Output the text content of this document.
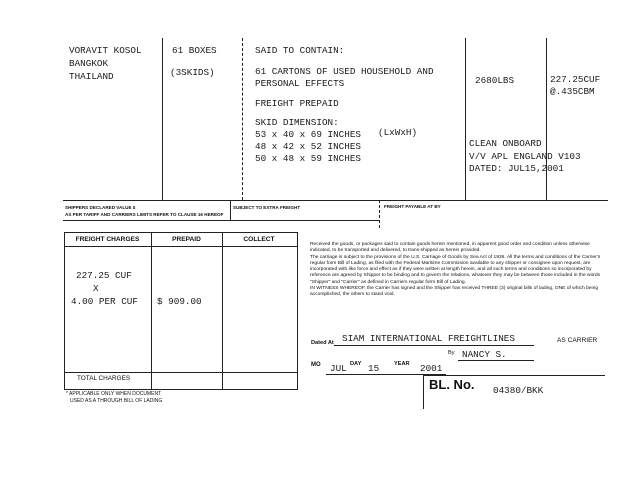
VORAVIT KOSOL
BANGKOK
THAILAND
61 BOXES
(3SKIDS)
SAID TO CONTAIN:
61 CARTONS OF USED HOUSEHOLD AND
PERSONAL EFFECTS
FREIGHT PREPAID
SKID DIMENSION:
53 x 40 x 69 INCHES (LxWxH)
48 x 42 x 52 INCHES
50 x 48 x 59 INCHES
2680LBS	227.25CUF
@.435CBM
CLEAN ONBOARD
V/V APL ENGLAND V103
DATED: JUL15,2001
SHIPPERS DECLARED VALUE $
AS PER TARIFF AND CARRIERS LIMITS REFER TO CLAUSE 16 HEREOF
SUBJECT TO EXTRA FREIGHT	FREIGHT PAYABLE AT BY
FREIGHT CHARGES	PREPAID	COLLECT
227.25 CUF
X
4.00 PER CUF $ 909.00
TOTAL CHARGES
* APPLICABLE ONLY WHEN DOCUMENT
USED AS A THROUGH BILL OF LADING

Received the goods, or packages said to contain goods herein mentioned, in apparent good order and condition unless otherwise indicated, to be transported and delivered, to trans-shipped as herein provided.

The carriage is subject to the provisions of the U.S. Carriage of Goods by Sea Act of 1936. All the terms and conditions of the Carrier's regular form Bill of Lading, as filed with the Federal Maritime Commission available to any shipper or consignee upon request, are incorporated with like force and effect as if they were written at length herein, and all such terms and conditions so incorporated by reference are agreed by Shipper to be binding and to govern the relations, whatever they may be between those included in the words "Shipper" and "Carrier" as defined in Carriers regular form Bill of Lading.

IN WITNESS WHEREOF, the Carrier has signed and the Shipper has received THREE (3) original bills of lading, ONE of which being accomplished, the others to stand void.

Dated At SIAM INTERNATIONAL FREIGHTLINES	AS CARRIER
By NANCY S.
MO JUL DAY 15	YEAR 2001
BL. No. 04380/BKK
